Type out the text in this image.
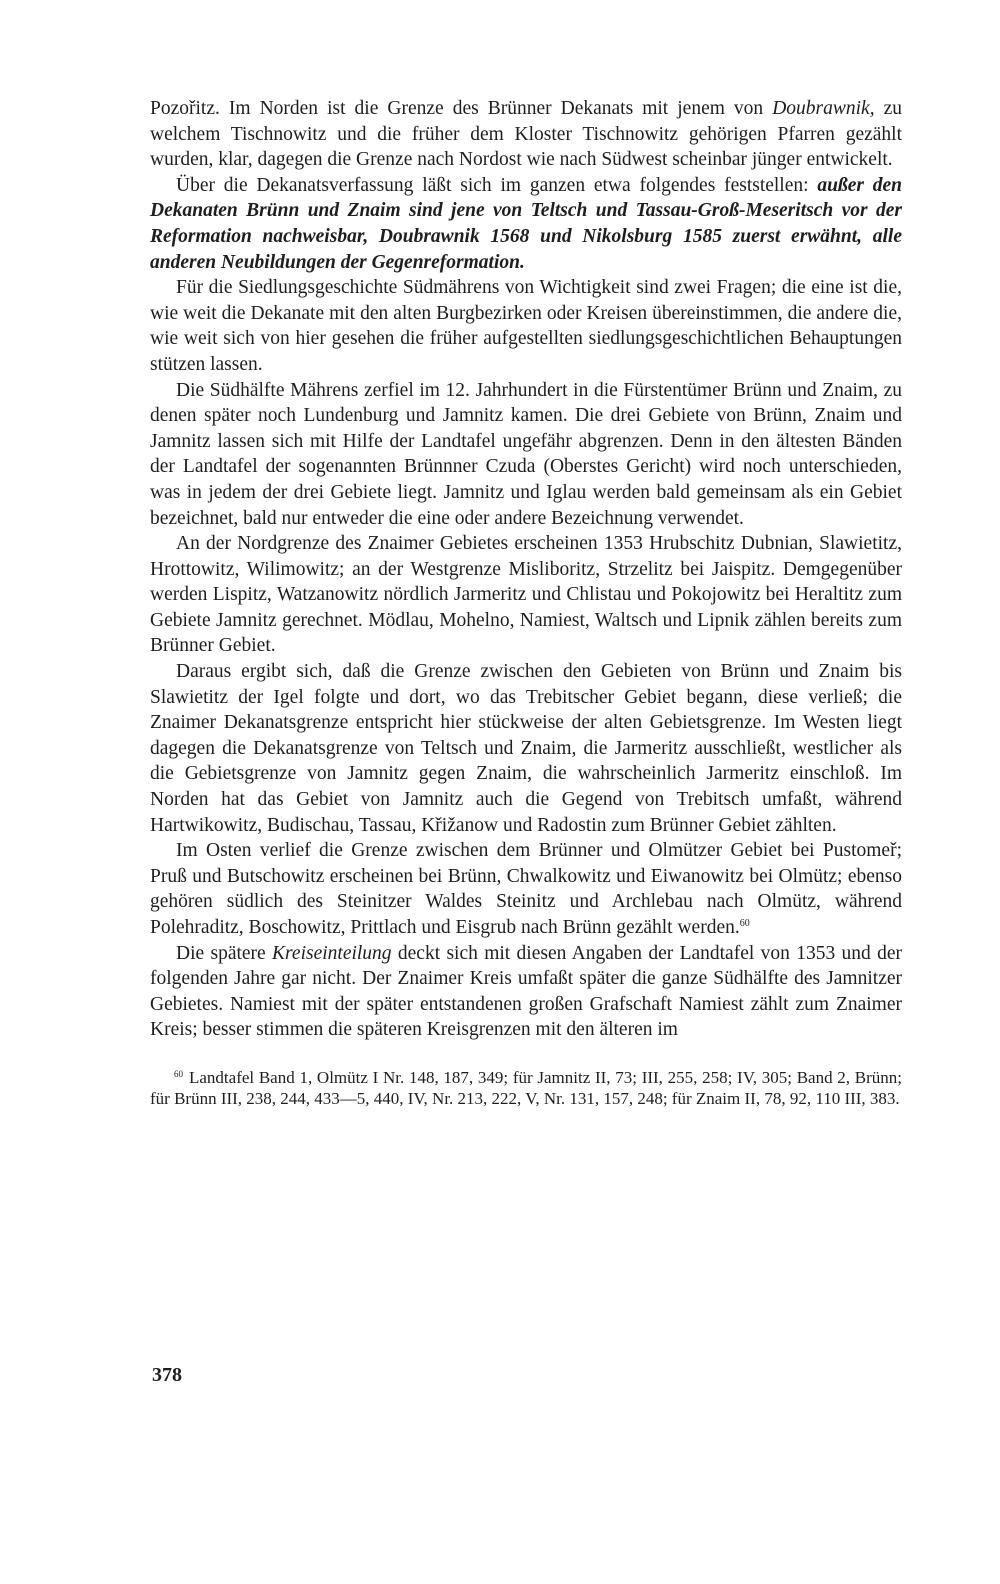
Pozořitz. Im Norden ist die Grenze des Brünner Dekanats mit jenem von Doubrawnik, zu welchem Tischnowitz und die früher dem Kloster Tischnowitz gehörigen Pfarren gezählt wurden, klar, dagegen die Grenze nach Nordost wie nach Südwest scheinbar jünger entwickelt.

Über die Dekanatsverfassung läßt sich im ganzen etwa folgendes feststellen: außer den Dekanaten Brünn und Znaim sind jene von Teltsch und Tassau-Groß-Meseritsch vor der Reformation nachweisbar, Doubrawnik 1568 und Nikolsburg 1585 zuerst erwähnt, alle anderen Neubildungen der Gegenreformation.

Für die Siedlungsgeschichte Südmährens von Wichtigkeit sind zwei Fragen; die eine ist die, wie weit die Dekanate mit den alten Burgbezirken oder Kreisen übereinstimmen, die andere die, wie weit sich von hier gesehen die früher aufgestellten siedlungsgeschichtlichen Behauptungen stützen lassen.

Die Südhälfte Mährens zerfiel im 12. Jahrhundert in die Fürstentümer Brünn und Znaim, zu denen später noch Lundenburg und Jamnitz kamen. Die drei Gebiete von Brünn, Znaim und Jamnitz lassen sich mit Hilfe der Landtafel ungefähr abgrenzen. Denn in den ältesten Bänden der Landtafel der sogenannten Brünnner Czuda (Oberstes Gericht) wird noch unterschieden, was in jedem der drei Gebiete liegt. Jamnitz und Iglau werden bald gemeinsam als ein Gebiet bezeichnet, bald nur entweder die eine oder andere Bezeichnung verwendet.

An der Nordgrenze des Znaimer Gebietes erscheinen 1353 Hrubschitz Dubnian, Slawietitz, Hrottowitz, Wilimowitz; an der Westgrenze Misliboritz, Strzelitz bei Jaispitz. Demgegenüber werden Lispitz, Watzanowitz nördlich Jarmeritz und Chlistau und Pokojowitz bei Heraltitz zum Gebiete Jamnitz gerechnet. Mödlau, Mohelno, Namiest, Waltsch und Lipnik zählen bereits zum Brünner Gebiet.

Daraus ergibt sich, daß die Grenze zwischen den Gebieten von Brünn und Znaim bis Slawietitz der Igel folgte und dort, wo das Trebitscher Gebiet begann, diese verließ; die Znaimer Dekanatsgrenze entspricht hier stückweise der alten Gebietsgrenze. Im Westen liegt dagegen die Dekanatsgrenze von Teltsch und Znaim, die Jarmeritz ausschließt, westlicher als die Gebietsgrenze von Jamnitz gegen Znaim, die wahrscheinlich Jarmeritz einschloß. Im Norden hat das Gebiet von Jamnitz auch die Gegend von Trebitsch umfaßt, während Hartwikowitz, Budischau, Tassau, Křižanow und Radostin zum Brünner Gebiet zählten.

Im Osten verlief die Grenze zwischen dem Brünner und Olmützer Gebiet bei Pustomeř; Pruß und Butschowitz erscheinen bei Brünn, Chwalkowitz und Eiwanowitz bei Olmütz; ebenso gehören südlich des Steinitzer Waldes Steinitz und Archlebau nach Olmütz, während Polehraditz, Boschowitz, Prittlach und Eisgrub nach Brünn gezählt werden.$^{60}$

Die spätere Kreiseinteilung deckt sich mit diesen Angaben der Landtafel von 1353 und der folgenden Jahre gar nicht. Der Znaimer Kreis umfaßt später die ganze Südhälfte des Jamnitzer Gebietes. Namiest mit der später entstandenen großen Grafschaft Namiest zählt zum Znaimer Kreis; besser stimmen die späteren Kreisgrenzen mit den älteren im

$^{60}$ Landtafel Band 1, Olmütz I Nr. 148, 187, 349; für Jamnitz II, 73; III, 255, 258; IV, 305; Band 2, Brünn; für Brünn III, 238, 244, 433—5, 440, IV, Nr. 213, 222, V, Nr. 131, 157, 248; für Znaim II, 78, 92, 110 III, 383.
378
